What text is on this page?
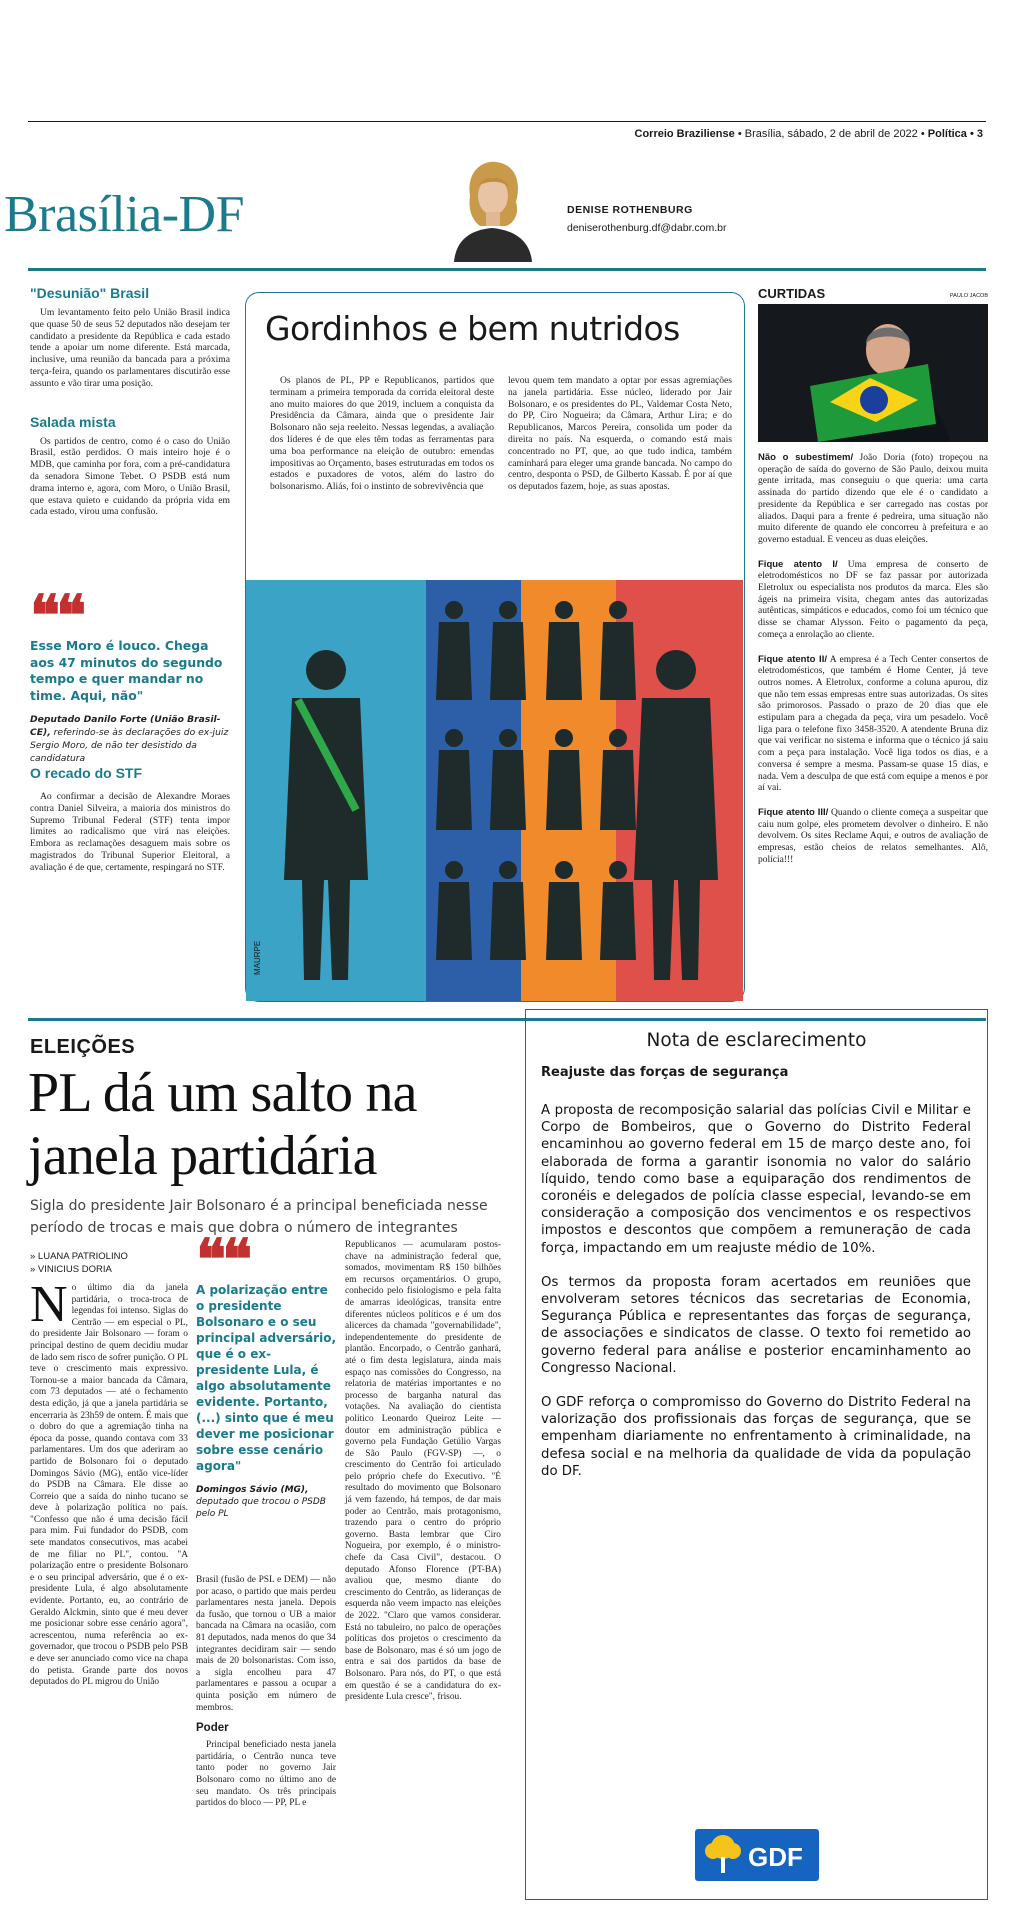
Correio Braziliense • Brasília, sábado, 2 de abril de 2022 • Política • 3
Brasília-DF	DENISE ROTHENBURG
deniserothenburg.df@dabr.com.br
"Desunião" Brasil

Um levantamento feito pelo União Brasil indica que quase 50 de seus 52 deputados não desejam ter candidato a presidente da República e cada estado tende a apoiar um nome diferente. Está marcada, inclusive, uma reunião da bancada para a próxima terça-feira, quando os parlamentares discutirão esse assunto e vão tirar uma posição.

Salada mista

Os partidos de centro, como é o caso do União Brasil, estão perdidos. O mais inteiro hoje é o MDB, que caminha por fora, com a pré-candidatura da senadora Simone Tebet. O PSDB está num drama interno e, agora, com Moro, o União Brasil, que estava quieto e cuidando da própria vida em cada estado, virou uma confusão.

❝❝
Esse Moro é louco. Chega aos 47 minutos do segundo tempo e quer mandar no time. Aqui, não"
Deputado Danilo Forte (União Brasil-CE), referindo-se às declarações do ex-juiz Sergio Moro, de não ter desistido da candidatura
O recado do STF

Ao confirmar a decisão de Alexandre Moraes contra Daniel Silveira, a maioria dos ministros do Supremo Tribunal Federal (STF) tenta impor limites ao radicalismo que virá nas eleições. Embora as reclamações desaguem mais sobre os magistrados do Tribunal Superior Eleitoral, a avaliação é de que, certamente, respingará no STF.

Gordinhos e bem nutridos

Os planos de PL, PP e Republicanos, partidos que terminam a primeira temporada da corrida eleitoral deste ano muito maiores do que 2019, incluem a conquista da Presidência da Câmara, ainda que o presidente Jair Bolsonaro não seja reeleito. Nessas legendas, a avaliação dos líderes é de que eles têm todas as ferramentas para uma boa performance na eleição de outubro: emendas impositivas ao Orçamento, bases estruturadas em todos os estados e puxadores de votos, além do lastro do bolsonarismo. Aliás, foi o instinto de sobrevivência que

levou quem tem mandato a optar por essas agremiações na janela partidária. Esse núcleo, liderado por Jair Bolsonaro, e os presidentes do PL, Valdemar Costa Neto, do PP, Ciro Nogueira; da Câmara, Arthur Lira; e do Republicanos, Marcos Pereira, consolida um poder da direita no país. Na esquerda, o comando está mais concentrado no PT, que, ao que tudo indica, também caminhará para eleger uma grande bancada. No campo do centro, desponta o PSD, de Gilberto Kassab. É por aí que os deputados fazem, hoje, as suas apostas.

MAURPE
CURTIDAS	PAULO JACOB

Não o subestimem/ João Doria (foto) tropeçou na operação de saída do governo de São Paulo, deixou muita gente irritada, mas conseguiu o que queria: uma carta assinada do partido dizendo que ele é o candidato a presidente da República e ser carregado nas costas por aliados. Daqui para a frente é pedreira, uma situação não muito diferente de quando ele concorreu à prefeitura e ao governo estadual. E venceu as duas eleições.

Fique atento I/ Uma empresa de conserto de eletrodomésticos no DF se faz passar por autorizada Eletrolux ou especialista nos produtos da marca. Eles são ágeis na primeira visita, chegam antes das autorizadas autênticas, simpáticos e educados, como foi um técnico que disse se chamar Alysson. Feito o pagamento da peça, começa a enrolação ao cliente.

Fique atento II/ A empresa é a Tech Center consertos de eletrodomésticos, que também é Home Center, já teve outros nomes. A Eletrolux, conforme a coluna apurou, diz que não tem essas empresas entre suas autorizadas. Os sites são primorosos. Passado o prazo de 20 dias que ele estipulam para a chegada da peça, vira um pesadelo. Você liga para o telefone fixo 3458-3520. A atendente Bruna diz que vai verificar no sistema e informa que o técnico já saiu com a peça para instalação. Você liga todos os dias, e a conversa é sempre a mesma. Passam-se quase 15 dias, e nada. Vem a desculpa de que está com equipe a menos e por aí vai.

Fique atento III/ Quando o cliente começa a suspeitar que caiu num golpe, eles prometem devolver o dinheiro. E não devolvem. Os sites Reclame Aqui, e outros de avaliação de empresas, estão cheios de relatos semelhantes. Alô, polícia!!!

ELEIÇÕES
PL dá um salto na
janela partidária
Sigla do presidente Jair Bolsonaro é a principal beneficiada nesse período de trocas e mais que dobra o número de integrantes
» LUANA PATRIOLINO
» VINICIUS DORIA
N o último dia da janela partidária, o troca-troca de legendas foi intenso. Siglas do Centrão — em especial o PL, do presidente Jair Bolsonaro — foram o principal destino de quem decidiu mudar de lado sem risco de sofrer punição. O PL teve o crescimento mais expressivo. Tornou-se a maior bancada da Câmara, com 73 deputados — até o fechamento desta edição, já que a janela partidária se encerraria às 23h59 de ontem. É mais que o dobro do que a agremiação tinha na época da posse, quando contava com 33 parlamentares. Um dos que aderiram ao partido de Bolsonaro foi o deputado Domingos Sávio (MG), então vice-líder do PSDB na Câmara. Ele disse ao Correio que a saída do ninho tucano se deve à polarização política no país. "Confesso que não é uma decisão fácil para mim. Fui fundador do PSDB, com sete mandatos consecutivos, mas acabei de me filiar no PL", contou. "A polarização entre o presidente Bolsonaro e o seu principal adversário, que é o ex-presidente Lula, é algo absolutamente evidente. Portanto, eu, ao contrário de Geraldo Alckmin, sinto que é meu dever me posicionar sobre esse cenário agora", acrescentou, numa referência ao ex-governador, que trocou o PSDB pelo PSB e deve ser anunciado como vice na chapa do petista. Grande parte dos novos deputados do PL migrou do União

❝❝
A polarização entre o presidente Bolsonaro e o seu principal adversário, que é o ex-presidente Lula, é algo absolutamente evidente. Portanto, (...) sinto que é meu dever me posicionar sobre esse cenário agora"
Domingos Sávio (MG),
deputado que trocou o PSDB pelo PL

Brasil (fusão de PSL e DEM) — não por acaso, o partido que mais perdeu parlamentares nesta janela. Depois da fusão, que tornou o UB a maior bancada na Câmara na ocasião, com 81 deputados, nada menos do que 34 integrantes decidiram sair — sendo mais de 20 bolsonaristas. Com isso, a sigla encolheu para 47 parlamentares e passou a ocupar a quinta posição em número de membros.

Poder

Principal beneficiado nesta janela partidária, o Centrão nunca teve tanto poder no governo Jair Bolsonaro como no último ano de seu mandato. Os três principais partidos do bloco — PP, PL e

Republicanos — acumularam postos-chave na administração federal que, somados, movimentam R$ 150 bilhões em recursos orçamentários. O grupo, conhecido pelo fisiologismo e pela falta de amarras ideológicas, transita entre diferentes núcleos políticos e é um dos alicerces da chamada "governabilidade", independentemente do presidente de plantão. Encorpado, o Centrão ganhará, até o fim desta legislatura, ainda mais espaço nas comissões do Congresso, na relatoria de matérias importantes e no processo de barganha natural das votações. Na avaliação do cientista político Leonardo Queiroz Leite — doutor em administração pública e governo pela Fundação Getúlio Vargas de São Paulo (FGV-SP) —, o crescimento do Centrão foi articulado pelo próprio chefe do Executivo. "É resultado do movimento que Bolsonaro já vem fazendo, há tempos, de dar mais poder ao Centrão, mais protagonismo, trazendo para o centro do próprio governo. Basta lembrar que Ciro Nogueira, por exemplo, é o ministro-chefe da Casa Civil", destacou. O deputado Afonso Florence (PT-BA) avaliou que, mesmo diante do crescimento do Centrão, as lideranças de esquerda não veem impacto nas eleições de 2022. "Claro que vamos considerar. Está no tabuleiro, no palco de operações políticas dos projetos o crescimento da base de Bolsonaro, mas é só um jogo de entra e sai dos partidos da base de Bolsonaro. Para nós, do PT, o que está em questão é se a candidatura do ex-presidente Lula cresce", frisou.

Nota de esclarecimento
Reajuste das forças de segurança

A proposta de recomposição salarial das polícias Civil e Militar e Corpo de Bombeiros, que o Governo do Distrito Federal encaminhou ao governo federal em 15 de março deste ano, foi elaborada de forma a garantir isonomia no valor do salário líquido, tendo como base a equiparação dos rendimentos de coronéis e delegados de polícia classe especial, levando-se em consideração a composição dos vencimentos e os respectivos impostos e descontos que compõem a remuneração de cada força, impactando em um reajuste médio de 10%.

Os termos da proposta foram acertados em reuniões que envolveram setores técnicos das secretarias de Economia, Segurança Pública e representantes das forças de segurança, de associações e sindicatos de classe. O texto foi remetido ao governo federal para análise e posterior encaminhamento ao Congresso Nacional.

O GDF reforça o compromisso do Governo do Distrito Federal na valorização dos profissionais das forças de segurança, que se empenham diariamente no enfrentamento à criminalidade, na defesa social e na melhoria da qualidade de vida da população do DF.

GDF
